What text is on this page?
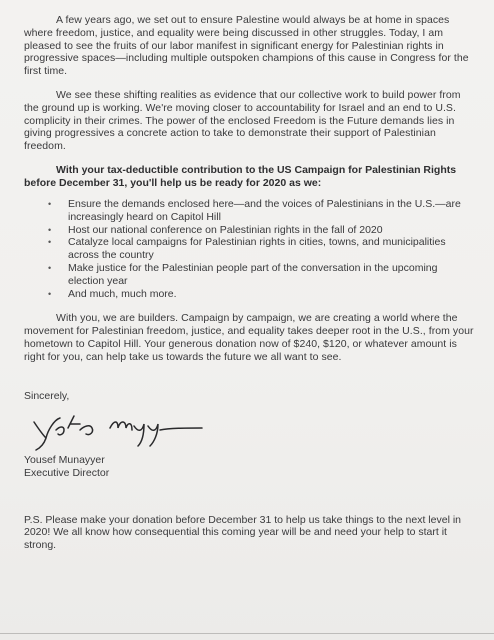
A few years ago, we set out to ensure Palestine would always be at home in spaces where freedom, justice, and equality were being discussed in other struggles. Today, I am pleased to see the fruits of our labor manifest in significant energy for Palestinian rights in progressive spaces—including multiple outspoken champions of this cause in Congress for the first time.

We see these shifting realities as evidence that our collective work to build power from the ground up is working. We're moving closer to accountability for Israel and an end to U.S. complicity in their crimes. The power of the enclosed Freedom is the Future demands lies in giving progressives a concrete action to take to demonstrate their support of Palestinian freedom.

With your tax-deductible contribution to the US Campaign for Palestinian Rights before December 31, you'll help us be ready for 2020 as we:

• Ensure the demands enclosed here—and the voices of Palestinians in the U.S.—are increasingly heard on Capitol Hill
• Host our national conference on Palestinian rights in the fall of 2020
• Catalyze local campaigns for Palestinian rights in cities, towns, and municipalities across the country
• Make justice for the Palestinian people part of the conversation in the upcoming election year
• And much, much more.

With you, we are builders. Campaign by campaign, we are creating a world where the movement for Palestinian freedom, justice, and equality takes deeper root in the U.S., from your hometown to Capitol Hill. Your generous donation now of $240, $120, or whatever amount is right for you, can help take us towards the future we all want to see.

Sincerely,

Yousef Munayyer

Executive Director

P.S. Please make your donation before December 31 to help us take things to the next level in 2020! We all know how consequential this coming year will be and need your help to start it strong.
